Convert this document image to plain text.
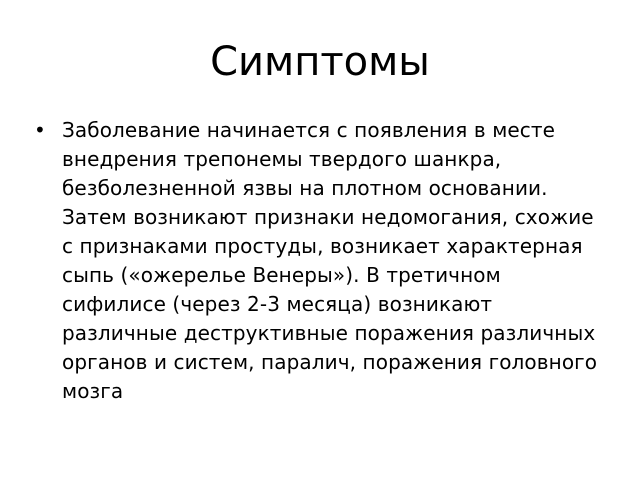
Симптомы
• Заболевание начинается с появления в месте внедрения трепонемы твердого шанкра, безболезненной язвы на плотном основании. Затем возникают признаки недомогания, схожие с признаками простуды, возникает характерная сыпь («ожерелье Венеры»). В третичном сифилисе (через 2-3 месяца) возникают различные деструктивные поражения различных органов и систем, паралич, поражения головного мозга
